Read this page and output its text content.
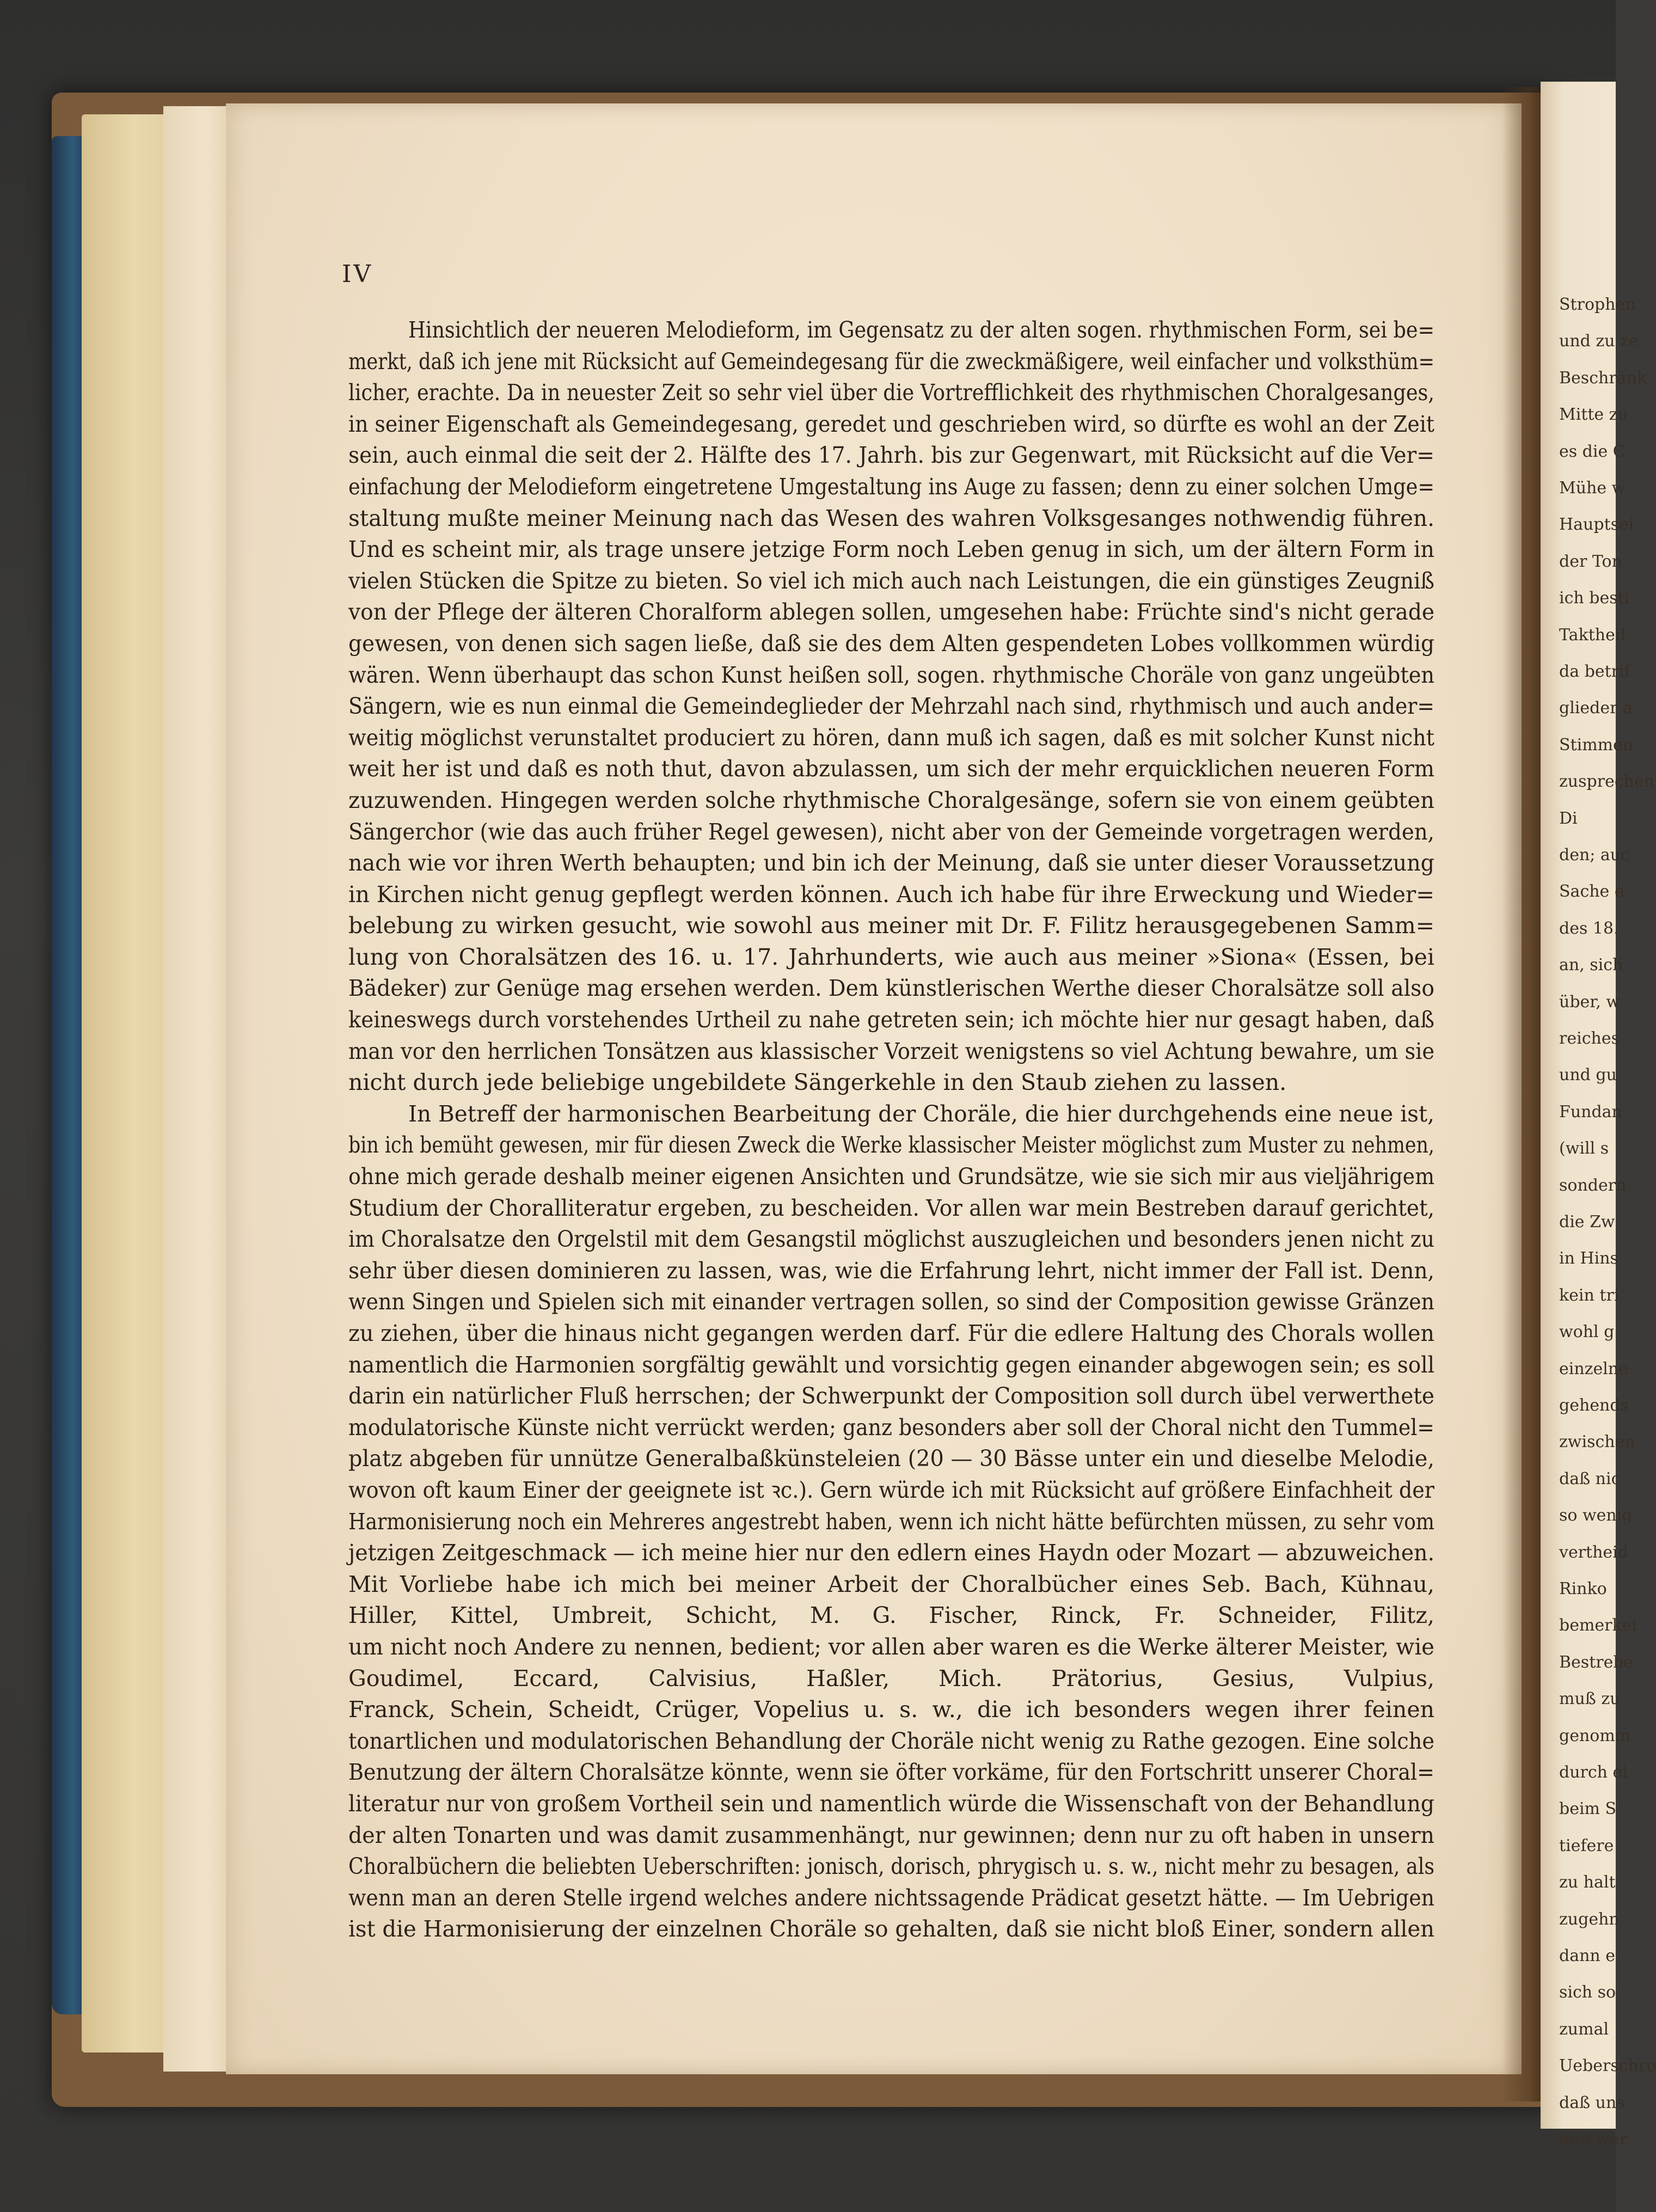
Strophen
und zu ze
Beschränk
Mitte zu
es die C
Mühe w
Hauptsei
der Ton
ich besti
Taktheil
da betrif
glieder a
Stimmen
zusprechen
Di
den; auc
Sache e
des 18.
an, sich
über, w
reiches
und gu
Fundan
(will s
sondern
die Zw
in Hins
kein tri
wohl g
einzelne
gehends
zwischen
daß nic
so wenig
vertheid
Rinko
bemerkei
Bestrebe
muß zu
genomm
durch ei
beim S
tiefere
zu halt
zugehn
dann e
sich so
zumal
Ueberschro
daß uns
und wer
IV
Hinsichtlich der neueren Melodieform, im Gegensatz zu der alten sogen. rhythmischen Form, sei be=
merkt, daß ich jene mit Rücksicht auf Gemeindegesang für die zweckmäßigere, weil einfacher und volksthüm=
licher, erachte. Da in neuester Zeit so sehr viel über die Vortrefflichkeit des rhythmischen Choralgesanges,
in seiner Eigenschaft als Gemeindegesang, geredet und geschrieben wird, so dürfte es wohl an der Zeit
sein, auch einmal die seit der 2. Hälfte des 17. Jahrh. bis zur Gegenwart, mit Rücksicht auf die Ver=
einfachung der Melodieform eingetretene Umgestaltung ins Auge zu fassen; denn zu einer solchen Umge=
staltung mußte meiner Meinung nach das Wesen des wahren Volksgesanges nothwendig führen.
Und es scheint mir, als trage unsere jetzige Form noch Leben genug in sich, um der ältern Form in
vielen Stücken die Spitze zu bieten. So viel ich mich auch nach Leistungen, die ein günstiges Zeugniß
von der Pflege der älteren Choralform ablegen sollen, umgesehen habe: Früchte sind's nicht gerade
gewesen, von denen sich sagen ließe, daß sie des dem Alten gespendeten Lobes vollkommen würdig
wären. Wenn überhaupt das schon Kunst heißen soll, sogen. rhythmische Choräle von ganz ungeübten
Sängern, wie es nun einmal die Gemeindeglieder der Mehrzahl nach sind, rhythmisch und auch ander=
weitig möglichst verunstaltet produciert zu hören, dann muß ich sagen, daß es mit solcher Kunst nicht
weit her ist und daß es noth thut, davon abzulassen, um sich der mehr erquicklichen neueren Form
zuzuwenden. Hingegen werden solche rhythmische Choralgesänge, sofern sie von einem geübten
Sängerchor (wie das auch früher Regel gewesen), nicht aber von der Gemeinde vorgetragen werden,
nach wie vor ihren Werth behaupten; und bin ich der Meinung, daß sie unter dieser Voraussetzung
in Kirchen nicht genug gepflegt werden können. Auch ich habe für ihre Erweckung und Wieder=
belebung zu wirken gesucht, wie sowohl aus meiner mit Dr. F. Filitz herausgegebenen Samm=
lung von Choralsätzen des 16. u. 17. Jahrhunderts, wie auch aus meiner »Siona« (Essen, bei
Bädeker) zur Genüge mag ersehen werden. Dem künstlerischen Werthe dieser Choralsätze soll also
keineswegs durch vorstehendes Urtheil zu nahe getreten sein; ich möchte hier nur gesagt haben, daß
man vor den herrlichen Tonsätzen aus klassischer Vorzeit wenigstens so viel Achtung bewahre, um sie
nicht durch jede beliebige ungebildete Sängerkehle in den Staub ziehen zu lassen.
In Betreff der harmonischen Bearbeitung der Choräle, die hier durchgehends eine neue ist,
bin ich bemüht gewesen, mir für diesen Zweck die Werke klassischer Meister möglichst zum Muster zu nehmen,
ohne mich gerade deshalb meiner eigenen Ansichten und Grundsätze, wie sie sich mir aus vieljährigem
Studium der Choralliteratur ergeben, zu bescheiden. Vor allen war mein Bestreben darauf gerichtet,
im Choralsatze den Orgelstil mit dem Gesangstil möglichst auszugleichen und besonders jenen nicht zu
sehr über diesen dominieren zu lassen, was, wie die Erfahrung lehrt, nicht immer der Fall ist. Denn,
wenn Singen und Spielen sich mit einander vertragen sollen, so sind der Composition gewisse Gränzen
zu ziehen, über die hinaus nicht gegangen werden darf. Für die edlere Haltung des Chorals wollen
namentlich die Harmonien sorgfältig gewählt und vorsichtig gegen einander abgewogen sein; es soll
darin ein natürlicher Fluß herrschen; der Schwerpunkt der Composition soll durch übel verwerthete
modulatorische Künste nicht verrückt werden; ganz besonders aber soll der Choral nicht den Tummel=
platz abgeben für unnütze Generalbaßkünsteleien (20 — 30 Bässe unter ein und dieselbe Melodie,
wovon oft kaum Einer der geeignete ist ꝛc.). Gern würde ich mit Rücksicht auf größere Einfachheit der
Harmonisierung noch ein Mehreres angestrebt haben, wenn ich nicht hätte befürchten müssen, zu sehr vom
jetzigen Zeitgeschmack — ich meine hier nur den edlern eines Haydn oder Mozart — abzuweichen.
Mit Vorliebe habe ich mich bei meiner Arbeit der Choralbücher eines Seb. Bach, Kühnau,
Hiller, Kittel, Umbreit, Schicht, M. G. Fischer, Rinck, Fr. Schneider, Filitz,
um nicht noch Andere zu nennen, bedient; vor allen aber waren es die Werke älterer Meister, wie
Goudimel, Eccard, Calvisius, Haßler, Mich. Prätorius, Gesius, Vulpius,
Franck, Schein, Scheidt, Crüger, Vopelius u. s. w., die ich besonders wegen ihrer feinen
tonartlichen und modulatorischen Behandlung der Choräle nicht wenig zu Rathe gezogen. Eine solche
Benutzung der ältern Choralsätze könnte, wenn sie öfter vorkäme, für den Fortschritt unserer Choral=
literatur nur von großem Vortheil sein und namentlich würde die Wissenschaft von der Behandlung
der alten Tonarten und was damit zusammenhängt, nur gewinnen; denn nur zu oft haben in unsern
Choralbüchern die beliebten Ueberschriften: jonisch, dorisch, phrygisch u. s. w., nicht mehr zu besagen, als
wenn man an deren Stelle irgend welches andere nichtssagende Prädicat gesetzt hätte. — Im Uebrigen
ist die Harmonisierung der einzelnen Choräle so gehalten, daß sie nicht bloß Einer, sondern allen
